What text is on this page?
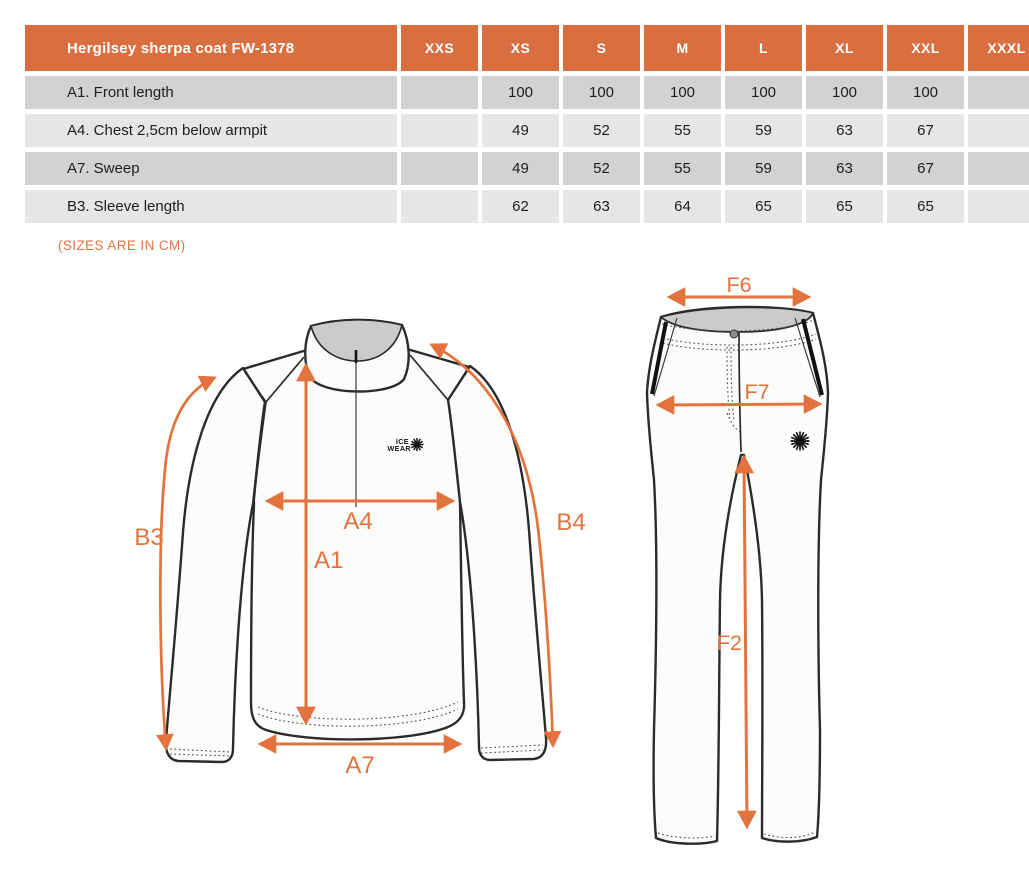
Hergilsey sherpa coat FW-1378	XXS	XS	S	M	L	XL	XXL	XXXL
A1. Front length		100	100	100	100	100	100	
A4. Chest 2,5cm below armpit		49	52	55	59	63	67	
A7. Sweep		49	52	55	59	63	67	
B3. Sleeve length		62	63	64	65	65	65	
(SIZES ARE IN CM)
ICE
WEAR
B3
A4
A1
B4
A7
F6
F7
F2
